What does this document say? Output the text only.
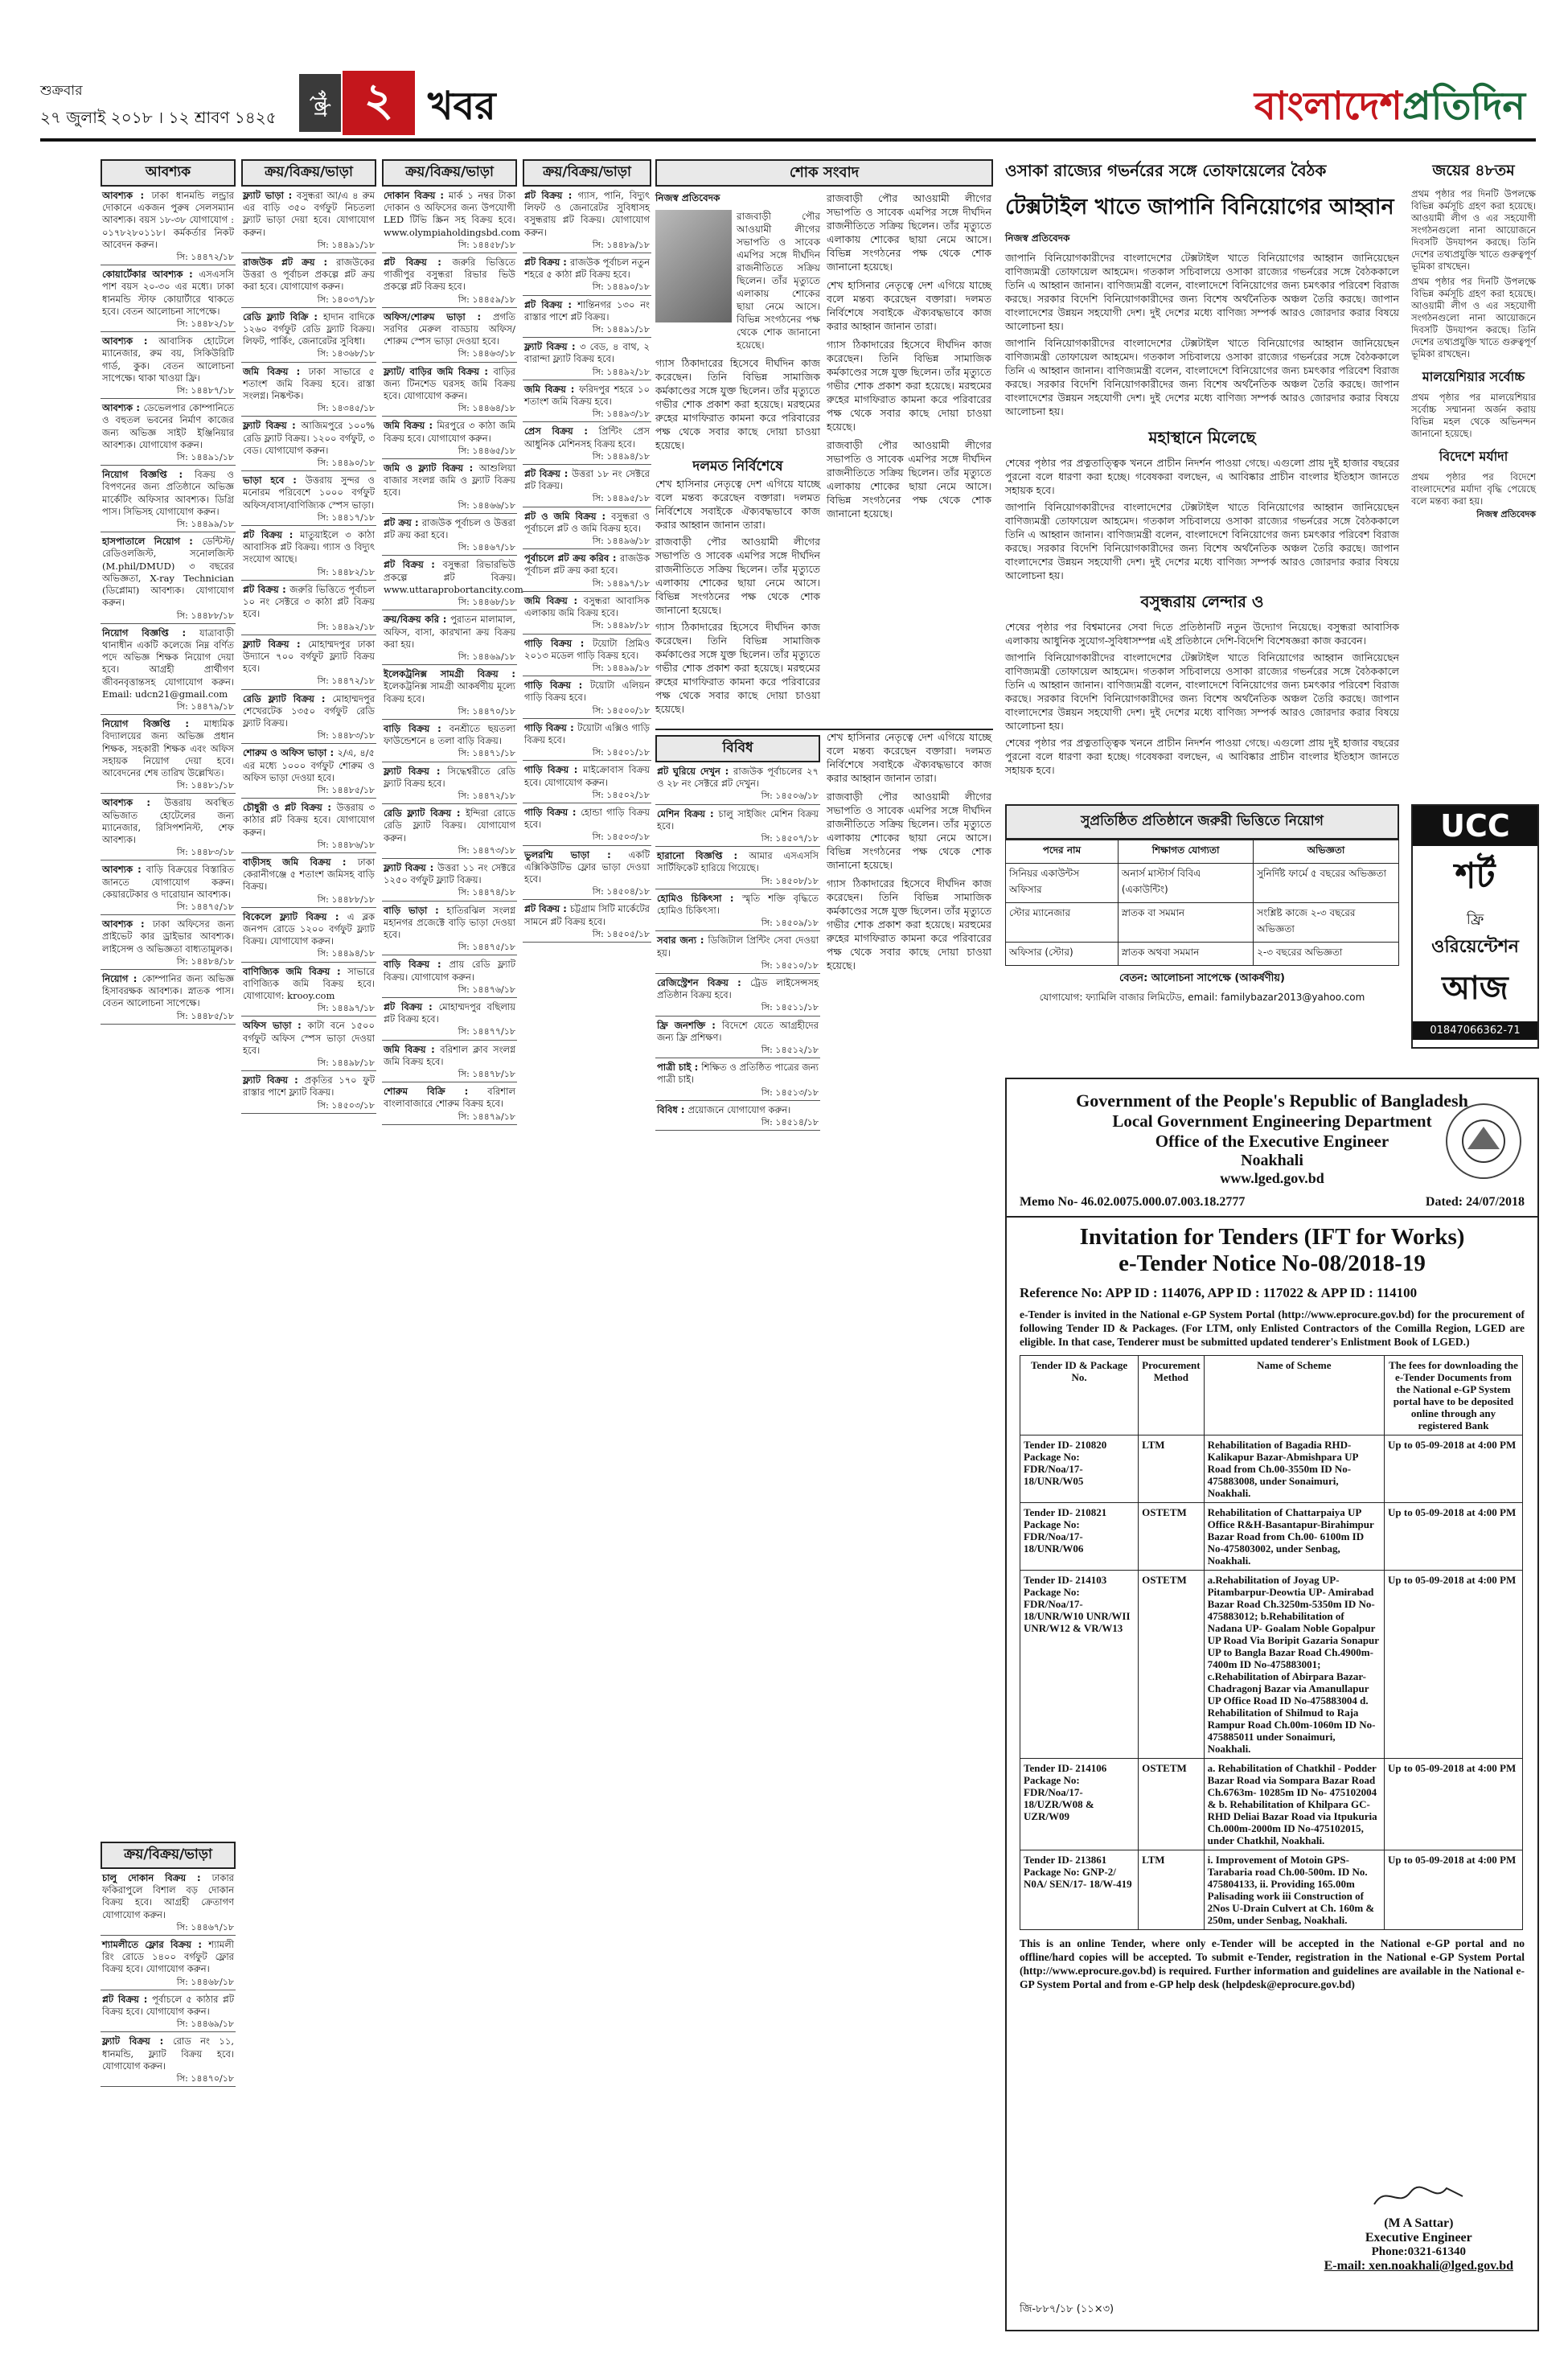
শুক্রবার
২৭ জুলাই ২০১৮ । ১২ শ্রাবণ ১৪২৫
পৃষ্ঠা ২ খবর	বাংলাদেশপ্রতিদিন
আবশ্যক
আবশ্যক : ঢাকা ধানমন্ডি লন্ড্রার দোকানে একজন পুরুষ সেলসম্যান আবশ্যক। বয়স ১৮-৩৮ যোগাযোগ : ০১৭৮২৮০১১৮। কর্মকর্তার নিকট আবেদন করুন।
সি: ১৪৪৭২/১৮
কোয়ার্টেকার আবশ্যক : এসএসসি পাশ বয়স ২০-৩০ এর মধ্যে। ঢাকা ধানমন্ডি স্টাফ কোয়ার্টারে থাকতে হবে। বেতন আলোচনা সাপেক্ষে।
সি: ১৪৪৮২/১৮
আবশ্যক : আবাসিক হোটেলে ম্যানেজার, রুম বয়, সিকিউরিটি গার্ড, কুক। বেতন আলোচনা সাপেক্ষে। থাকা খাওয়া ফ্রি।
সি: ১৪৪৮৭/১৮
আবশ্যক : ডেভেলপার কোম্পানিতে ও বহুতল ভবনের নির্মাণ কাজের জন্য অভিজ্ঞ সাইট ইঞ্জিনিয়ার আবশ্যক। যোগাযোগ করুন।
সি: ১৪৪৯১/১৮
নিয়োগ বিজ্ঞপ্তি : বিক্রয় ও বিপণনের জন্য প্রতিষ্ঠানে অভিজ্ঞ মার্কেটিং অফিসার আবশ্যক। ডিগ্রি পাস। সিভিসহ যোগাযোগ করুন।
সি: ১৪৪৯৯/১৮
হাসপাতালে নিয়োগ : ডেন্টিস্ট/রেডিওলজিস্ট, সনোলজিস্ট (M.phil/DMUD) ৩ বছরের অভিজ্ঞতা, X-ray Technician (ডিপ্লোমা) আবশ্যক। যোগাযোগ করুন।
সি: ১৪৪৮৮/১৮
নিয়োগ বিজ্ঞপ্তি : যাত্রাবাড়ী থানাধীন একটি কলেজে নিম্ন বর্ণিত পদে অভিজ্ঞ শিক্ষক নিয়োগ দেয়া হবে। আগ্রহী প্রার্থীগণ জীবনবৃত্তান্তসহ যোগাযোগ করুন। Email: udcn21@gmail.com
সি: ১৪৪৭৯/১৮
নিয়োগ বিজ্ঞপ্তি : মাধ্যমিক বিদ্যালয়ের জন্য অভিজ্ঞ প্রধান শিক্ষক, সহকারী শিক্ষক এবং অফিস সহায়ক নিয়োগ দেয়া হবে। আবেদনের শেষ তারিখ উল্লেখিত।
সি: ১৪৪৮১/১৮
আবশ্যক : উত্তরায় অবস্থিত অভিজাত হোটেলের জন্য ম্যানেজার, রিসিপশনিস্ট, শেফ আবশ্যক।
সি: ১৪৪৮৩/১৮
আবশ্যক : বাড়ি বিক্রয়ের বিস্তারিত জানতে যোগাযোগ করুন। কেয়ারটেকার ও দারোয়ান আবশ্যক।
সি: ১৪৪৭৫/১৮
আবশ্যক : ঢাকা অফিসের জন্য প্রাইভেট কার ড্রাইভার আবশ্যক। লাইসেন্স ও অভিজ্ঞতা বাধ্যতামূলক।
সি: ১৪৪৮৪/১৮
নিয়োগ : কোম্পানির জন্য অভিজ্ঞ হিসাবরক্ষক আবশ্যক। স্নাতক পাস। বেতন আলোচনা সাপেক্ষে।
সি: ১৪৪৮৫/১৮
ক্রয়/বিক্রয়/ভাড়া
চালু দোকান বিক্রয় : ঢাকার ফকিরাপুলে বিশাল বড় দোকান বিক্রয় হবে। আগ্রহী ক্রেতাগণ যোগাযোগ করুন।
সি: ১৪৪৬৭/১৮
শ্যামলীতে ফ্লোর বিক্রয় : শ্যামলী রিং রোডে ১৪০০ বর্গফুট ফ্লোর বিক্রয় হবে। যোগাযোগ করুন।
সি: ১৪৪৬৮/১৮
প্লট বিক্রয় : পূর্বাচলে ৫ কাঠার প্লট বিক্রয় হবে। যোগাযোগ করুন।
সি: ১৪৪৬৯/১৮
ফ্ল্যাট বিক্রয় : রোড নং ১১, ধানমন্ডি, ফ্ল্যাট বিক্রয় হবে। যোগাযোগ করুন।
সি: ১৪৪৭০/১৮
ক্রয়/বিক্রয়/ভাড়া
ফ্ল্যাট ভাড়া : বসুন্ধরা আ/এ ৪ রুম এর বাড়ি ৩৫০ বর্গফুট নিচতলা ফ্ল্যাট ভাড়া দেয়া হবে। যোগাযোগ করুন।
সি: ১৪৪৯১/১৮
রাজউক প্লট ক্রয় : রাজউকের উত্তরা ও পূর্বাচল প্রকল্পে প্লট ক্রয় করা হবে। যোগাযোগ করুন।
সি: ১৪০৩৭/১৮
রেডি ফ্ল্যাট বিক্রি : হাদান বাদিকে ১২৬০ বর্গফুট রেডি ফ্ল্যাট বিক্রয়। লিফট, পার্কিং, জেনারেটর সুবিধা।
সি: ১৪৩৬৮/১৮
জমি বিক্রয় : ঢাকা সাভারে ৫ শতাংশ জমি বিক্রয় হবে। রাস্তা সংলগ্ন। নিষ্কণ্টক।
সি: ১৪৩৪৫/১৮
ফ্ল্যাট বিক্রয় : আজিমপুরে ১০০% রেডি ফ্ল্যাট বিক্রয়। ১২০০ বর্গফুট, ৩ বেড। যোগাযোগ করুন।
সি: ১৪৪৯০/১৮
ভাড়া হবে : উত্তরায় সুন্দর ও মনোরম পরিবেশে ১০০০ বর্গফুট অফিস/বাসা/বাণিজ্যিক স্পেস ভাড়া।
সি: ১৪৪১৭/১৮
প্লট বিক্রয় : মাতুয়াইলে ৩ কাঠা আবাসিক প্লট বিক্রয়। গ্যাস ও বিদ্যুৎ সংযোগ আছে।
সি: ১৪৪৮২/১৮
প্লট বিক্রয় : জরুরি ভিত্তিতে পূর্বাচল ১০ নং সেক্টরে ৩ কাঠা প্লট বিক্রয় হবে।
সি: ১৪৪৯২/১৮
ফ্ল্যাট বিক্রয় : মোহাম্মদপুর ঢাকা উদ্যানে ৭০০ বর্গফুট ফ্ল্যাট বিক্রয় হবে।
সি: ১৪৪৭২/১৮
রেডি ফ্ল্যাট বিক্রয় : মোহাম্মদপুর শেখেরটেক ১৩৫০ বর্গফুট রেডি ফ্ল্যাট বিক্রয়।
সি: ১৪৪৮৩/১৮
শোরুম ও অফিস ভাড়া : ২/এ, ৪/৫ এর মধ্যে ১০০০ বর্গফুট শোরুম ও অফিস ভাড়া দেওয়া হবে।
সি: ১৪৪৮৫/১৮
চৌধুরী ও প্লট বিক্রয় : উত্তরায় ৩ কাঠার প্লট বিক্রয় হবে। যোগাযোগ করুন।
সি: ১৪৪৮৬/১৮
বাড়ীসহ জমি বিক্রয় : ঢাকা কেরানীগঞ্জে ৫ শতাংশ জমিসহ বাড়ি বিক্রয়।
সি: ১৪৪৮৮/১৮
বিকেলে ফ্ল্যাট বিক্রয় : এ ব্লক জনপদ রোডে ১২০০ বর্গফুট ফ্ল্যাট বিক্রয়। যোগাযোগ করুন।
সি: ১৪৪৯৪/১৮
বাণিজ্যিক জমি বিক্রয় : সাভারে বাণিজ্যিক জমি বিক্রয় হবে। যোগাযোগ: krooy.com
সি: ১৪৪৯৭/১৮
অফিস ভাড়া : কাটা বনে ১৫০০ বর্গফুট অফিস স্পেস ভাড়া দেওয়া হবে।
সি: ১৪৪৯৮/১৮
ফ্ল্যাট বিক্রয় : প্রকৃতির ১৭০ ফুট রাস্তার পাশে ফ্ল্যাট বিক্রয়।
সি: ১৪৫০৩/১৮
ক্রয়/বিক্রয়/ভাড়া
দোকান বিক্রয় : মার্ক ১ নম্বর টাকা দোকান ও অফিসের জন্য উপযোগী LED টিভি স্ক্রিন সহ বিক্রয় হবে। www.olympiaholdingsbd.com
সি: ১৪৪৫৮/১৮
প্লট বিক্রয় : জরুরি ভিত্তিতে গাজীপুর বসুন্ধরা রিভার ভিউ প্রকল্পে প্লট বিক্রয় হবে।
সি: ১৪৪৫৯/১৮
অফিস/শোরুম ভাড়া : প্রগতি সরণির মেরুল বাড্ডায় অফিস/শোরুম স্পেস ভাড়া দেওয়া হবে।
সি: ১৪৪৬৩/১৮
ফ্ল্যাট/ বাড়ির জমি বিক্রয় : বাড়ির জন্য টিনশেড ঘরসহ জমি বিক্রয় হবে। যোগাযোগ করুন।
সি: ১৪৪৬৪/১৮
জমি বিক্রয় : মিরপুরে ৩ কাঠা জমি বিক্রয় হবে। যোগাযোগ করুন।
সি: ১৪৪৬৫/১৮
জমি ও ফ্ল্যাট বিক্রয় : আশুলিয়া বাজার সংলগ্ন জমি ও ফ্ল্যাট বিক্রয় হবে।
সি: ১৪৪৬৬/১৮
প্লট ক্রয় : রাজউক পূর্বাচল ও উত্তরা প্লট ক্রয় করা হবে।
সি: ১৪৪৬৭/১৮
প্লট বিক্রয় : বসুন্ধরা রিভারভিউ প্রকল্পে প্লট বিক্রয়। www.uttaraprobortancity.com
সি: ১৪৪৬৮/১৮
ক্রয়/বিক্রয় করি : পুরাতন মালামাল, অফিস, বাসা, কারখানা ক্রয় বিক্রয় করা হয়।
সি: ১৪৪৬৯/১৮
ইলেকট্রনিক্স সামগ্রী বিক্রয় : ইলেকট্রনিক্স সামগ্রী আকর্ষণীয় মূল্যে বিক্রয় হবে।
সি: ১৪৪৭০/১৮
বাড়ি বিক্রয় : বনশ্রীতে ছয়তলা ফাউন্ডেশনে ৪ তলা বাড়ি বিক্রয়।
সি: ১৪৪৭১/১৮
ফ্ল্যাট বিক্রয় : সিদ্ধেশ্বরীতে রেডি ফ্ল্যাট বিক্রয় হবে।
সি: ১৪৪৭২/১৮
রেডি ফ্ল্যাট বিক্রয় : ইন্দিরা রোডে রেডি ফ্ল্যাট বিক্রয়। যোগাযোগ করুন।
সি: ১৪৪৭৩/১৮
ফ্ল্যাট বিক্রয় : উত্তরা ১১ নং সেক্টরে ১২৫০ বর্গফুট ফ্ল্যাট বিক্রয়।
সি: ১৪৪৭৪/১৮
বাড়ি ভাড়া : হাতিরঝিল সংলগ্ন মহানগর প্রজেক্টে বাড়ি ভাড়া দেওয়া হবে।
সি: ১৪৪৭৫/১৮
বাড়ি বিক্রয় : প্রায় রেডি ফ্ল্যাট বিক্রয়। যোগাযোগ করুন।
সি: ১৪৪৭৬/১৮
প্লট বিক্রয় : মোহাম্মদপুর বছিলায় প্লট বিক্রয় হবে।
সি: ১৪৪৭৭/১৮
জমি বিক্রয় : বরিশাল ক্লাব সংলগ্ন জমি বিক্রয় হবে।
সি: ১৪৪৭৮/১৮
শোরুম বিক্রি : বরিশাল বাংলাবাজারে শোরুম বিক্রয় হবে।
সি: ১৪৪৭৯/১৮
ক্রয়/বিক্রয়/ভাড়া
প্লট বিক্রয় : গ্যাস, পানি, বিদ্যুৎ লিফট ও জেনারেটর সুবিধাসহ বসুন্ধরায় প্লট বিক্রয়। যোগাযোগ করুন।
সি: ১৪৪৮৯/১৮
প্লট বিক্রয় : রাজউক পূর্বাচল নতুন শহরে ৫ কাঠা প্লট বিক্রয় হবে।
সি: ১৪৪৯০/১৮
প্লট বিক্রয় : শান্তিনগর ১৩০ নং রাস্তার পাশে প্লট বিক্রয়।
সি: ১৪৪৯১/১৮
ফ্ল্যাট বিক্রয় : ৩ বেড, ৪ বাথ, ২ বারান্দা ফ্ল্যাট বিক্রয় হবে।
সি: ১৪৪৯২/১৮
জমি বিক্রয় : ফরিদপুর শহরে ১০ শতাংশ জমি বিক্রয় হবে।
সি: ১৪৪৯৩/১৮
প্রেস বিক্রয় : প্রিন্টিং প্রেস আধুনিক মেশিনসহ বিক্রয় হবে।
সি: ১৪৪৯৪/১৮
প্লট বিক্রয় : উত্তরা ১৮ নং সেক্টরে প্লট বিক্রয়।
সি: ১৪৪৯৫/১৮
প্লট ও জমি বিক্রয় : বসুন্ধরা ও পূর্বাচলে প্লট ও জমি বিক্রয় হবে।
সি: ১৪৪৯৬/১৮
পূর্বাচলে প্লট ক্রয় করিব : রাজউক পূর্বাচল প্লট ক্রয় করা হবে।
সি: ১৪৪৯৭/১৮
জমি বিক্রয় : বসুন্ধরা আবাসিক এলাকায় জমি বিক্রয় হবে।
সি: ১৪৪৯৮/১৮
গাড়ি বিক্রয় : টয়োটা প্রিমিও ২০১৩ মডেল গাড়ি বিক্রয় হবে।
সি: ১৪৪৯৯/১৮
গাড়ি বিক্রয় : টয়োটা এলিয়ন গাড়ি বিক্রয় হবে।
সি: ১৪৫০০/১৮
গাড়ি বিক্রয় : টয়োটা এক্সিও গাড়ি বিক্রয় হবে।
সি: ১৪৫০১/১৮
গাড়ি বিক্রয় : মাইক্রোবাস বিক্রয় হবে। যোগাযোগ করুন।
সি: ১৪৫০২/১৮
গাড়ি বিক্রয় : হোন্ডা গাড়ি বিক্রয় হবে।
সি: ১৪৫০৩/১৮
ভুলরশ্মি ভাড়া : একটি এক্সিকিউটিভ ফ্লোর ভাড়া দেওয়া হবে।
সি: ১৪৫০৪/১৮
প্লট বিক্রয় : চট্টগ্রাম সিটি মার্কেটের সামনে প্লট বিক্রয় হবে।
সি: ১৪৫০৫/১৮
শোক সংবাদ
নিজস্ব প্রতিবেদক
রাজবাড়ী পৌর আওয়ামী লীগের সভাপতি ও সাবেক এমপির সঙ্গে দীর্ঘদিন রাজনীতিতে সক্রিয় ছিলেন। তাঁর মৃত্যুতে এলাকায় শোকের ছায়া নেমে আসে। বিভিন্ন সংগঠনের পক্ষ থেকে শোক জানানো হয়েছে।
গ্যাস ঠিকাদারের হিসেবে দীর্ঘদিন কাজ করেছেন। তিনি বিভিন্ন সামাজিক কর্মকাণ্ডের সঙ্গে যুক্ত ছিলেন। তাঁর মৃত্যুতে গভীর শোক প্রকাশ করা হয়েছে। মরহুমের রুহের মাগফিরাত কামনা করে পরিবারের পক্ষ থেকে সবার কাছে দোয়া চাওয়া হয়েছে।
দলমত নির্বিশেষে
শেখ হাসিনার নেতৃত্বে দেশ এগিয়ে যাচ্ছে বলে মন্তব্য করেছেন বক্তারা। দলমত নির্বিশেষে সবাইকে ঐক্যবদ্ধভাবে কাজ করার আহ্বান জানান তারা।
রাজবাড়ী পৌর আওয়ামী লীগের সভাপতি ও সাবেক এমপির সঙ্গে দীর্ঘদিন রাজনীতিতে সক্রিয় ছিলেন। তাঁর মৃত্যুতে এলাকায় শোকের ছায়া নেমে আসে। বিভিন্ন সংগঠনের পক্ষ থেকে শোক জানানো হয়েছে।
গ্যাস ঠিকাদারের হিসেবে দীর্ঘদিন কাজ করেছেন। তিনি বিভিন্ন সামাজিক কর্মকাণ্ডের সঙ্গে যুক্ত ছিলেন। তাঁর মৃত্যুতে গভীর শোক প্রকাশ করা হয়েছে। মরহুমের রুহের মাগফিরাত কামনা করে পরিবারের পক্ষ থেকে সবার কাছে দোয়া চাওয়া হয়েছে।
রাজবাড়ী পৌর আওয়ামী লীগের সভাপতি ও সাবেক এমপির সঙ্গে দীর্ঘদিন রাজনীতিতে সক্রিয় ছিলেন। তাঁর মৃত্যুতে এলাকায় শোকের ছায়া নেমে আসে। বিভিন্ন সংগঠনের পক্ষ থেকে শোক জানানো হয়েছে।
শেখ হাসিনার নেতৃত্বে দেশ এগিয়ে যাচ্ছে বলে মন্তব্য করেছেন বক্তারা। দলমত নির্বিশেষে সবাইকে ঐক্যবদ্ধভাবে কাজ করার আহ্বান জানান তারা।
গ্যাস ঠিকাদারের হিসেবে দীর্ঘদিন কাজ করেছেন। তিনি বিভিন্ন সামাজিক কর্মকাণ্ডের সঙ্গে যুক্ত ছিলেন। তাঁর মৃত্যুতে গভীর শোক প্রকাশ করা হয়েছে। মরহুমের রুহের মাগফিরাত কামনা করে পরিবারের পক্ষ থেকে সবার কাছে দোয়া চাওয়া হয়েছে।
রাজবাড়ী পৌর আওয়ামী লীগের সভাপতি ও সাবেক এমপির সঙ্গে দীর্ঘদিন রাজনীতিতে সক্রিয় ছিলেন। তাঁর মৃত্যুতে এলাকায় শোকের ছায়া নেমে আসে। বিভিন্ন সংগঠনের পক্ষ থেকে শোক জানানো হয়েছে।
বিবিধ
প্লট ঘুরিয়ে দেখুন : রাজউক পূর্বাচলের ২৭ ও ২৮ নং সেক্টরে প্লট দেখুন।
সি: ১৪৫০৬/১৮
মেশিন বিক্রয় : চালু সাইজিং মেশিন বিক্রয় হবে।
সি: ১৪৫০৭/১৮
হারানো বিজ্ঞপ্তি : আমার এসএসসি সার্টিফিকেট হারিয়ে গিয়েছে।
সি: ১৪৫০৮/১৮
হোমিও চিকিৎসা : স্মৃতি শক্তি বৃদ্ধিতে হোমিও চিকিৎসা।
সি: ১৪৫০৯/১৮
সবার জন্য : ডিজিটাল প্রিন্টিং সেবা দেওয়া হয়।
সি: ১৪৫১০/১৮
রেজিস্ট্রেশন বিক্রয় : ট্রেড লাইসেন্সসহ প্রতিষ্ঠান বিক্রয় হবে।
সি: ১৪৫১১/১৮
ফ্রি জনশক্তি : বিদেশে যেতে আগ্রহীদের জন্য ফ্রি প্রশিক্ষণ।
সি: ১৪৫১২/১৮
পাত্রী চাই : শিক্ষিত ও প্রতিষ্ঠিত পাত্রের জন্য পাত্রী চাই।
সি: ১৪৫১৩/১৮
বিবিধ : প্রয়োজনে যোগাযোগ করুন।
সি: ১৪৫১৪/১৮
শেখ হাসিনার নেতৃত্বে দেশ এগিয়ে যাচ্ছে বলে মন্তব্য করেছেন বক্তারা। দলমত নির্বিশেষে সবাইকে ঐক্যবদ্ধভাবে কাজ করার আহ্বান জানান তারা।
রাজবাড়ী পৌর আওয়ামী লীগের সভাপতি ও সাবেক এমপির সঙ্গে দীর্ঘদিন রাজনীতিতে সক্রিয় ছিলেন। তাঁর মৃত্যুতে এলাকায় শোকের ছায়া নেমে আসে। বিভিন্ন সংগঠনের পক্ষ থেকে শোক জানানো হয়েছে।
গ্যাস ঠিকাদারের হিসেবে দীর্ঘদিন কাজ করেছেন। তিনি বিভিন্ন সামাজিক কর্মকাণ্ডের সঙ্গে যুক্ত ছিলেন। তাঁর মৃত্যুতে গভীর শোক প্রকাশ করা হয়েছে। মরহুমের রুহের মাগফিরাত কামনা করে পরিবারের পক্ষ থেকে সবার কাছে দোয়া চাওয়া হয়েছে।
ওসাকা রাজ্যের গভর্নরের সঙ্গে তোফায়েলের বৈঠক
টেক্সটাইল খাতে জাপানি বিনিয়োগের আহ্বান
নিজস্ব প্রতিবেদক
জাপানি বিনিয়োগকারীদের বাংলাদেশের টেক্সটাইল খাতে বিনিয়োগের আহ্বান জানিয়েছেন বাণিজ্যমন্ত্রী তোফায়েল আহমেদ। গতকাল সচিবালয়ে ওসাকা রাজ্যের গভর্নরের সঙ্গে বৈঠককালে তিনি এ আহ্বান জানান। বাণিজ্যমন্ত্রী বলেন, বাংলাদেশে বিনিয়োগের জন্য চমৎকার পরিবেশ বিরাজ করছে। সরকার বিদেশি বিনিয়োগকারীদের জন্য বিশেষ অর্থনৈতিক অঞ্চল তৈরি করছে। জাপান বাংলাদেশের উন্নয়ন সহযোগী দেশ। দুই দেশের মধ্যে বাণিজ্য সম্পর্ক আরও জোরদার করার বিষয়ে আলোচনা হয়।
জাপানি বিনিয়োগকারীদের বাংলাদেশের টেক্সটাইল খাতে বিনিয়োগের আহ্বান জানিয়েছেন বাণিজ্যমন্ত্রী তোফায়েল আহমেদ। গতকাল সচিবালয়ে ওসাকা রাজ্যের গভর্নরের সঙ্গে বৈঠককালে তিনি এ আহ্বান জানান। বাণিজ্যমন্ত্রী বলেন, বাংলাদেশে বিনিয়োগের জন্য চমৎকার পরিবেশ বিরাজ করছে। সরকার বিদেশি বিনিয়োগকারীদের জন্য বিশেষ অর্থনৈতিক অঞ্চল তৈরি করছে। জাপান বাংলাদেশের উন্নয়ন সহযোগী দেশ। দুই দেশের মধ্যে বাণিজ্য সম্পর্ক আরও জোরদার করার বিষয়ে আলোচনা হয়।
মহাস্থানে মিলেছে
শেষের পৃষ্ঠার পর প্রত্নতাত্ত্বিক খননে প্রাচীন নিদর্শন পাওয়া গেছে। এগুলো প্রায় দুই হাজার বছরের পুরনো বলে ধারণা করা হচ্ছে। গবেষকরা বলছেন, এ আবিষ্কার প্রাচীন বাংলার ইতিহাস জানতে সহায়ক হবে।
জাপানি বিনিয়োগকারীদের বাংলাদেশের টেক্সটাইল খাতে বিনিয়োগের আহ্বান জানিয়েছেন বাণিজ্যমন্ত্রী তোফায়েল আহমেদ। গতকাল সচিবালয়ে ওসাকা রাজ্যের গভর্নরের সঙ্গে বৈঠককালে তিনি এ আহ্বান জানান। বাণিজ্যমন্ত্রী বলেন, বাংলাদেশে বিনিয়োগের জন্য চমৎকার পরিবেশ বিরাজ করছে। সরকার বিদেশি বিনিয়োগকারীদের জন্য বিশেষ অর্থনৈতিক অঞ্চল তৈরি করছে। জাপান বাংলাদেশের উন্নয়ন সহযোগী দেশ। দুই দেশের মধ্যে বাণিজ্য সম্পর্ক আরও জোরদার করার বিষয়ে আলোচনা হয়।
বসুন্ধরায় লেন্দার ও
শেষের পৃষ্ঠার পর বিশ্বমানের সেবা দিতে প্রতিষ্ঠানটি নতুন উদ্যোগ নিয়েছে। বসুন্ধরা আবাসিক এলাকায় আধুনিক সুযোগ-সুবিধাসম্পন্ন এই প্রতিষ্ঠানে দেশি-বিদেশি বিশেষজ্ঞরা কাজ করবেন।
জাপানি বিনিয়োগকারীদের বাংলাদেশের টেক্সটাইল খাতে বিনিয়োগের আহ্বান জানিয়েছেন বাণিজ্যমন্ত্রী তোফায়েল আহমেদ। গতকাল সচিবালয়ে ওসাকা রাজ্যের গভর্নরের সঙ্গে বৈঠককালে তিনি এ আহ্বান জানান। বাণিজ্যমন্ত্রী বলেন, বাংলাদেশে বিনিয়োগের জন্য চমৎকার পরিবেশ বিরাজ করছে। সরকার বিদেশি বিনিয়োগকারীদের জন্য বিশেষ অর্থনৈতিক অঞ্চল তৈরি করছে। জাপান বাংলাদেশের উন্নয়ন সহযোগী দেশ। দুই দেশের মধ্যে বাণিজ্য সম্পর্ক আরও জোরদার করার বিষয়ে আলোচনা হয়।
শেষের পৃষ্ঠার পর প্রত্নতাত্ত্বিক খননে প্রাচীন নিদর্শন পাওয়া গেছে। এগুলো প্রায় দুই হাজার বছরের পুরনো বলে ধারণা করা হচ্ছে। গবেষকরা বলছেন, এ আবিষ্কার প্রাচীন বাংলার ইতিহাস জানতে সহায়ক হবে।
জয়ের ৪৮তম
প্রথম পৃষ্ঠার পর দিনটি উপলক্ষে বিভিন্ন কর্মসূচি গ্রহণ করা হয়েছে। আওয়ামী লীগ ও এর সহযোগী সংগঠনগুলো নানা আয়োজনে দিবসটি উদযাপন করছে। তিনি দেশের তথ্যপ্রযুক্তি খাতে গুরুত্বপূর্ণ ভূমিকা রাখছেন।
প্রথম পৃষ্ঠার পর দিনটি উপলক্ষে বিভিন্ন কর্মসূচি গ্রহণ করা হয়েছে। আওয়ামী লীগ ও এর সহযোগী সংগঠনগুলো নানা আয়োজনে দিবসটি উদযাপন করছে। তিনি দেশের তথ্যপ্রযুক্তি খাতে গুরুত্বপূর্ণ ভূমিকা রাখছেন।
মালয়েশিয়ার সর্বোচ্চ
প্রথম পৃষ্ঠার পর মালয়েশিয়ার সর্বোচ্চ সম্মাননা অর্জন করায় বিভিন্ন মহল থেকে অভিনন্দন জানানো হয়েছে।
বিদেশে মর্যাদা
প্রথম পৃষ্ঠার পর বিদেশে বাংলাদেশের মর্যাদা বৃদ্ধি পেয়েছে বলে মন্তব্য করা হয়।
নিজস্ব প্রতিবেদক
UCC
শর্ট
ফ্রি
ওরিয়েন্টেশন
আজ
01847066362-71
সুপ্রতিষ্ঠিত প্রতিষ্ঠানে জরুরী ভিত্তিতে নিয়োগ
পদের নাম	শিক্ষাগত যোগ্যতা	অভিজ্ঞতা
সিনিয়র একাউন্টস অফিসার	অনার্স মাস্টার্স বিবিএ (একাউন্টিং)	সুনির্দিষ্ট ফার্মে ৫ বছরের অভিজ্ঞতা
স্টোর ম্যানেজার	স্নাতক বা সমমান	সংশ্লিষ্ট কাজে ২-৩ বছরের অভিজ্ঞতা
অফিসার (স্টোর)	স্নাতক অথবা সমমান	২-৩ বছরের অভিজ্ঞতা
বেতন: আলোচনা সাপেক্ষে (আকর্ষণীয়)
যোগাযোগ: ফ্যামিলি বাজার লিমিটেড, email: familybazar2013@yahoo.com
Government of the People's Republic of Bangladesh
Local Government Engineering Department
Office of the Executive Engineer
Noakhali
www.lged.gov.bd
Memo No- 46.02.0075.000.07.003.18.2777	Dated: 24/07/2018
Invitation for Tenders (IFT for Works)
e-Tender Notice No-08/2018-19
Reference No: APP ID : 114076, APP ID : 117022 & APP ID : 114100
e-Tender is invited in the National e-GP System Portal (http://www.eprocure.gov.bd) for the procurement of following Tender ID & Packages. (For LTM, only Enlisted Contractors of the Comilla Region, LGED are eligible. In that case, Tenderer must be submitted updated tenderer's Enlistment Book of LGED.)
Tender ID & Package No.	Procurement Method	Name of Scheme	The fees for downloading the e-Tender Documents from the National e-GP System portal have to be deposited online through any registered Bank
Tender ID- 210820 Package No: FDR/Noa/17-18/UNR/W05	LTM	Rehabilitation of Bagadia RHD-Kalikapur Bazar-Abmishpara UP Road from Ch.00-3550m ID No-475883008, under Sonaimuri, Noakhali.	Up to 05-09-2018 at 4:00 PM
Tender ID- 210821 Package No: FDR/Noa/17-18/UNR/W06	OSTETM	Rehabilitation of Chattarpaiya UP Office R&H-Basantapur-Birahimpur Bazar Road from Ch.00- 6100m ID No-475803002, under Senbag, Noakhali.	Up to 05-09-2018 at 4:00 PM
Tender ID- 214103 Package No: FDR/Noa/17-18/UNR/W10 UNR/WII UNR/W12 & VR/W13	OSTETM	a.Rehabilitation of Joyag UP-Pitambarpur-Deowtia UP- Amirabad Bazar Road Ch.3250m-5350m ID No-475883012; b.Rehabilitation of Nadana UP- Goalam Noble Gopalpur UP Road Via Boripit Gazaria Sonapur UP to Bangla Bazar Road Ch.4900m-7400m ID No-475883001; c.Rehabilitation of Abirpara Bazar-Chadragonj Bazar via Amanullapur UP Office Road ID No-475883004 d. Rehabilitation of Shilmud to Raja Rampur Road Ch.00m-1060m ID No-475885011 under Sonaimuri, Noakhali.	Up to 05-09-2018 at 4:00 PM
Tender ID- 214106 Package No: FDR/Noa/17-18/UZR/W08 & UZR/W09	OSTETM	a. Rehabilitation of Chatkhil - Podder Bazar Road via Sompara Bazar Road Ch.6763m- 10285m ID No- 475102004 & b. Rehabilitation of Khilpara GC- RHD Deliai Bazar Road via Itpukuria Ch.000m-2000m ID No-475102015, under Chatkhil, Noakhali.	Up to 05-09-2018 at 4:00 PM
Tender ID- 213861 Package No: GNP-2/ N0A/ SEN/17- 18/W-419	LTM	i. Improvement of Motoin GPS-Tarabaria road Ch.00-500m. ID No. 475804133, ii. Providing 165.00m Palisading work iii Construction of 2Nos U-Drain Culvert at Ch. 160m & 250m, under Senbag, Noakhali.	Up to 05-09-2018 at 4:00 PM
This is an online Tender, where only e-Tender will be accepted in the National e-GP portal and no offline/hard copies will be accepted. To submit e-Tender, registration in the National e-GP System Portal (http://www.eprocure.gov.bd) is required. Further information and guidelines are available in the National e-GP System Portal and from e-GP help desk (helpdesk@eprocure.gov.bd)
(M A Sattar)
Executive Engineer
Phone:0321-61340
E-mail: xen.noakhali@lged.gov.bd
জি-৮৮৭/১৮ (১১×৩)
